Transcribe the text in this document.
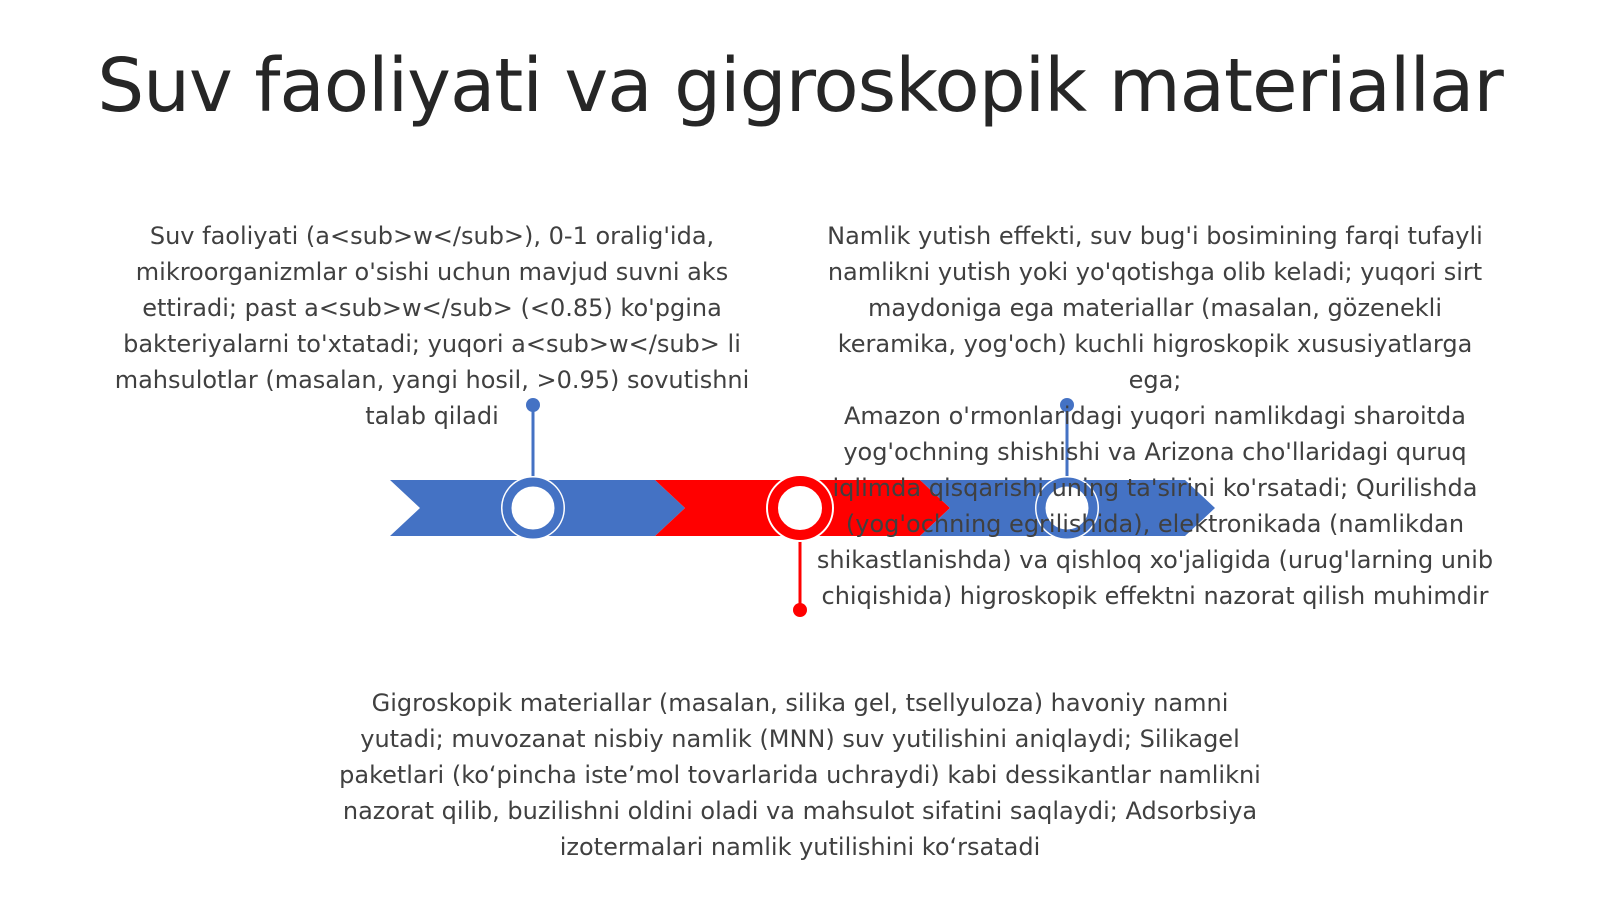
Suv faoliyati va gigroskopik materiallar
Suv faoliyati (a<sub>w</sub>), 0-1 oralig'ida,
mikroorganizmlar o'sishi uchun mavjud suvni aks
ettiradi; past a<sub>w</sub> (<0.85) ko'pgina
bakteriyalarni to'xtatadi; yuqori a<sub>w</sub> li
mahsulotlar (masalan, yangi hosil, >0.95) sovutishni
talab qiladi
Namlik yutish effekti, suv bug'i bosimining farqi tufayli
namlikni yutish yoki yo'qotishga olib keladi; yuqori sirt
maydoniga ega materiallar (masalan, gözenekli
keramika, yog'och) kuchli higroskopik xususiyatlarga ega;
Amazon o'rmonlaridagi yuqori namlikdagi sharoitda
yog'ochning shishishi va Arizona cho'llaridagi quruq
iqlimda qisqarishi uning ta'sirini ko'rsatadi; Qurilishda
(yog'ochning egrilishida), elektronikada (namlikdan
shikastlanishda) va qishloq xo'jaligida (urug'larning unib
chiqishida) higroskopik effektni nazorat qilish muhimdir
Gigroskopik materiallar (masalan, silika gel, tsellyuloza) havoniy namni
yutadi; muvozanat nisbiy namlik (MNN) suv yutilishini aniqlaydi; Silikagel
paketlari (ko‘pincha iste’mol tovarlarida uchraydi) kabi dessikantlar namlikni
nazorat qilib, buzilishni oldini oladi va mahsulot sifatini saqlaydi; Adsorbsiya
izotermalari namlik yutilishini ko‘rsatadi
